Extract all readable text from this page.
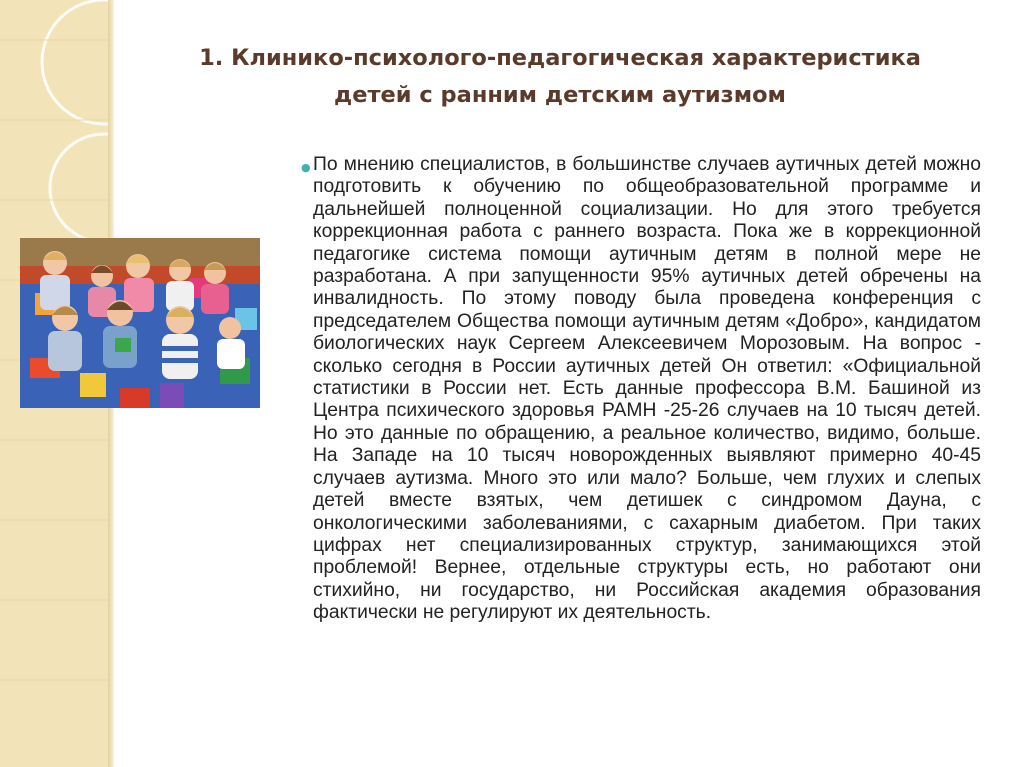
1. Клинико-психолого-педагогическая характеристика детей с ранним детским аутизмом
● По мнению специалистов, в большинстве случаев аутичных детей можно подготовить к обучению по общеобразовательной программе и дальнейшей полноценной социализации. Но для этого требуется коррекционная работа с раннего возраста. Пока же в коррекционной педагогике система помощи аутичным детям в полной мере не разработана. А при запущенности 95% аутичных детей обречены на инвалидность. По этому поводу была проведена конференция с председателем Общества помощи аутичным детям «Добро», кандидатом биологических наук Сергеем Алексеевичем Морозовым. На вопрос - сколько сегодня в России аутичных детей Он ответил: «Официальной статистики в России нет. Есть данные профессора В.М. Башиной из Центра психического здоровья РАМН -25-26 случаев на 10 тысяч детей. Но это данные по обращению, а реальное количество, видимо, больше. На Западе на 10 тысяч новорожденных выявляют примерно 40-45 случаев аутизма. Много это или мало? Больше, чем глухих и слепых детей вместе взятых, чем детишек с синдромом Дауна, с онкологическими заболеваниями, с сахарным диабетом. При таких цифрах нет специализированных структур, занимающихся этой проблемой! Вернее, отдельные структуры есть, но работают они стихийно, ни государство, ни Российская академия образования фактически не регулируют их деятельность.
